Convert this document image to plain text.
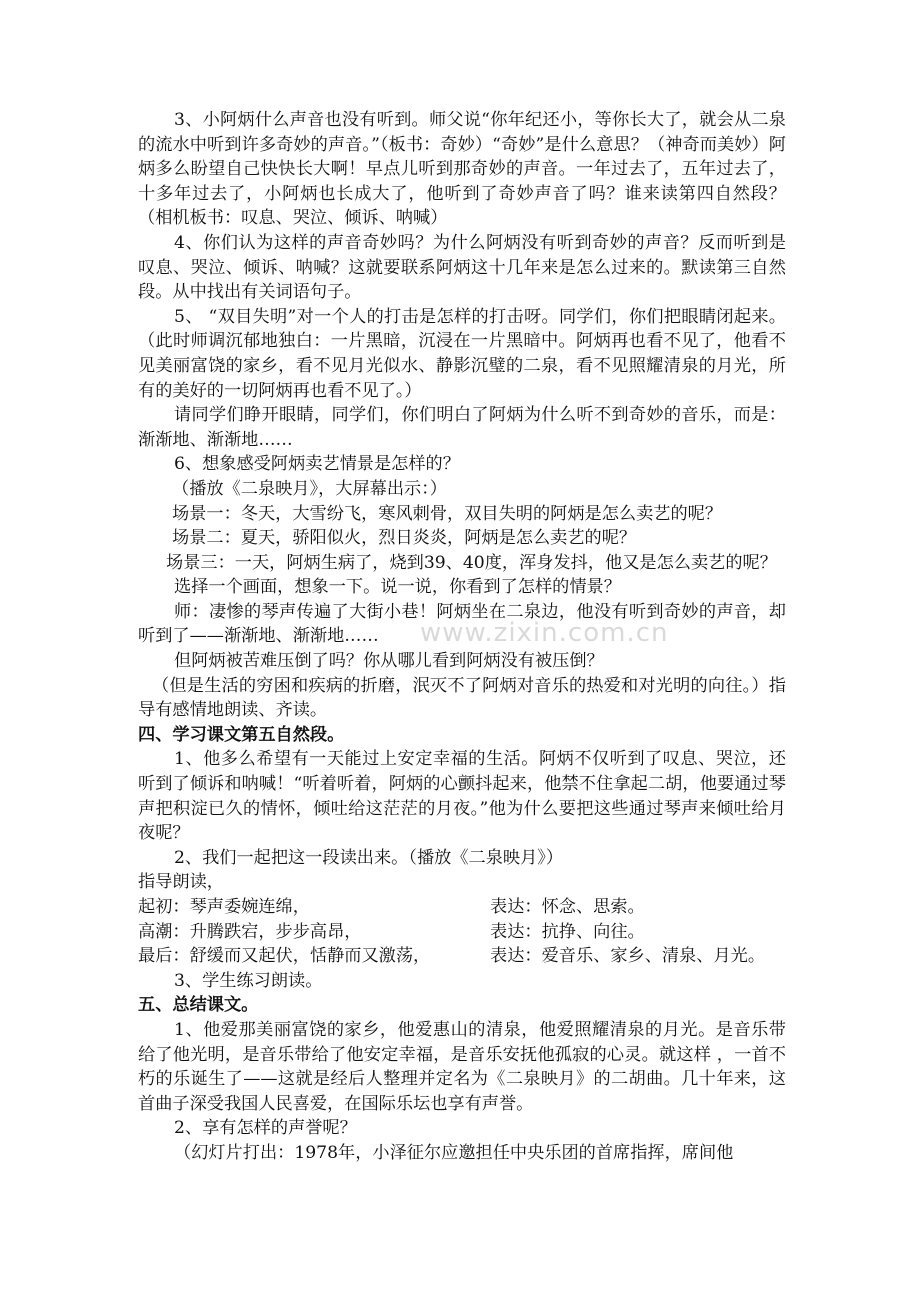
3、小阿炳什么声音也没有听到。师父说“你年纪还小，等你长大了，就会从二泉的流水中听到许多奇妙的声音。”（板书：奇妙）“奇妙”是什么意思？（神奇而美妙）阿炳多么盼望自己快快长大啊！早点儿听到那奇妙的声音。一年过去了，五年过去了，十多年过去了，小阿炳也长成大了，他听到了奇妙声音了吗？谁来读第四自然段？（相机板书：叹息、哭泣、倾诉、呐喊）

4、你们认为这样的声音奇妙吗？为什么阿炳没有听到奇妙的声音？反而听到是叹息、哭泣、倾诉、呐喊？这就要联系阿炳这十几年来是怎么过来的。默读第三自然段。从中找出有关词语句子。

5、 “双目失明”对一个人的打击是怎样的打击呀。同学们，你们把眼睛闭起来。（此时师调沉郁地独白：一片黑暗，沉浸在一片黑暗中。阿炳再也看不见了，他看不见美丽富饶的家乡，看不见月光似水、静影沉璧的二泉，看不见照耀清泉的月光，所有的美好的一切阿炳再也看不见了。）

请同学们睁开眼睛，同学们，你们明白了阿炳为什么听不到奇妙的音乐，而是：渐渐地、渐渐地……

6、想象感受阿炳卖艺情景是怎样的？

（播放《二泉映月》，大屏幕出示：）

场景一：冬天，大雪纷飞，寒风刺骨，双目失明的阿炳是怎么卖艺的呢？

场景二：夏天，骄阳似火，烈日炎炎，阿炳是怎么卖艺的呢？

场景三：一天，阿炳生病了，烧到39、40度，浑身发抖，他又是怎么卖艺的呢？

选择一个画面，想象一下。说一说，你看到了怎样的情景？

师：凄惨的琴声传遍了大街小巷！阿炳坐在二泉边，他没有听到奇妙的声音，却听到了——渐渐地、渐渐地……

但阿炳被苦难压倒了吗？你从哪儿看到阿炳没有被压倒？

（但是生活的穷困和疾病的折磨，泯灭不了阿炳对音乐的热爱和对光明的向往。）指导有感情地朗读、齐读。

四、学习课文第五自然段。

1、他多么希望有一天能过上安定幸福的生活。阿炳不仅听到了叹息、哭泣，还听到了倾诉和呐喊！“听着听着，阿炳的心颤抖起来，他禁不住拿起二胡，他要通过琴声把积淀已久的情怀，倾吐给这茫茫的月夜。”他为什么要把这些通过琴声来倾吐给月夜呢？

2、我们一起把这一段读出来。（播放《二泉映月》）

指导朗读，

起初：琴声委婉连绵，	表达：怀念、思索。
高潮：升腾跌宕，步步高昂，	表达：抗挣、向往。
最后：舒缓而又起伏，恬静而又激荡，	表达：爱音乐、家乡、清泉、月光。

3、学生练习朗读。

五、总结课文。

1、他爱那美丽富饶的家乡，他爱惠山的清泉，他爱照耀清泉的月光。是音乐带给了他光明，是音乐带给了他安定幸福，是音乐安抚他孤寂的心灵。就这样 ，一首不朽的乐诞生了——这就是经后人整理并定名为《二泉映月》的二胡曲。几十年来，这首曲子深受我国人民喜爱，在国际乐坛也享有声誉。

2、享有怎样的声誉呢？

（幻灯片打出：1978年，小泽征尔应邀担任中央乐团的首席指挥，席间他

www.zixin.com.cn
